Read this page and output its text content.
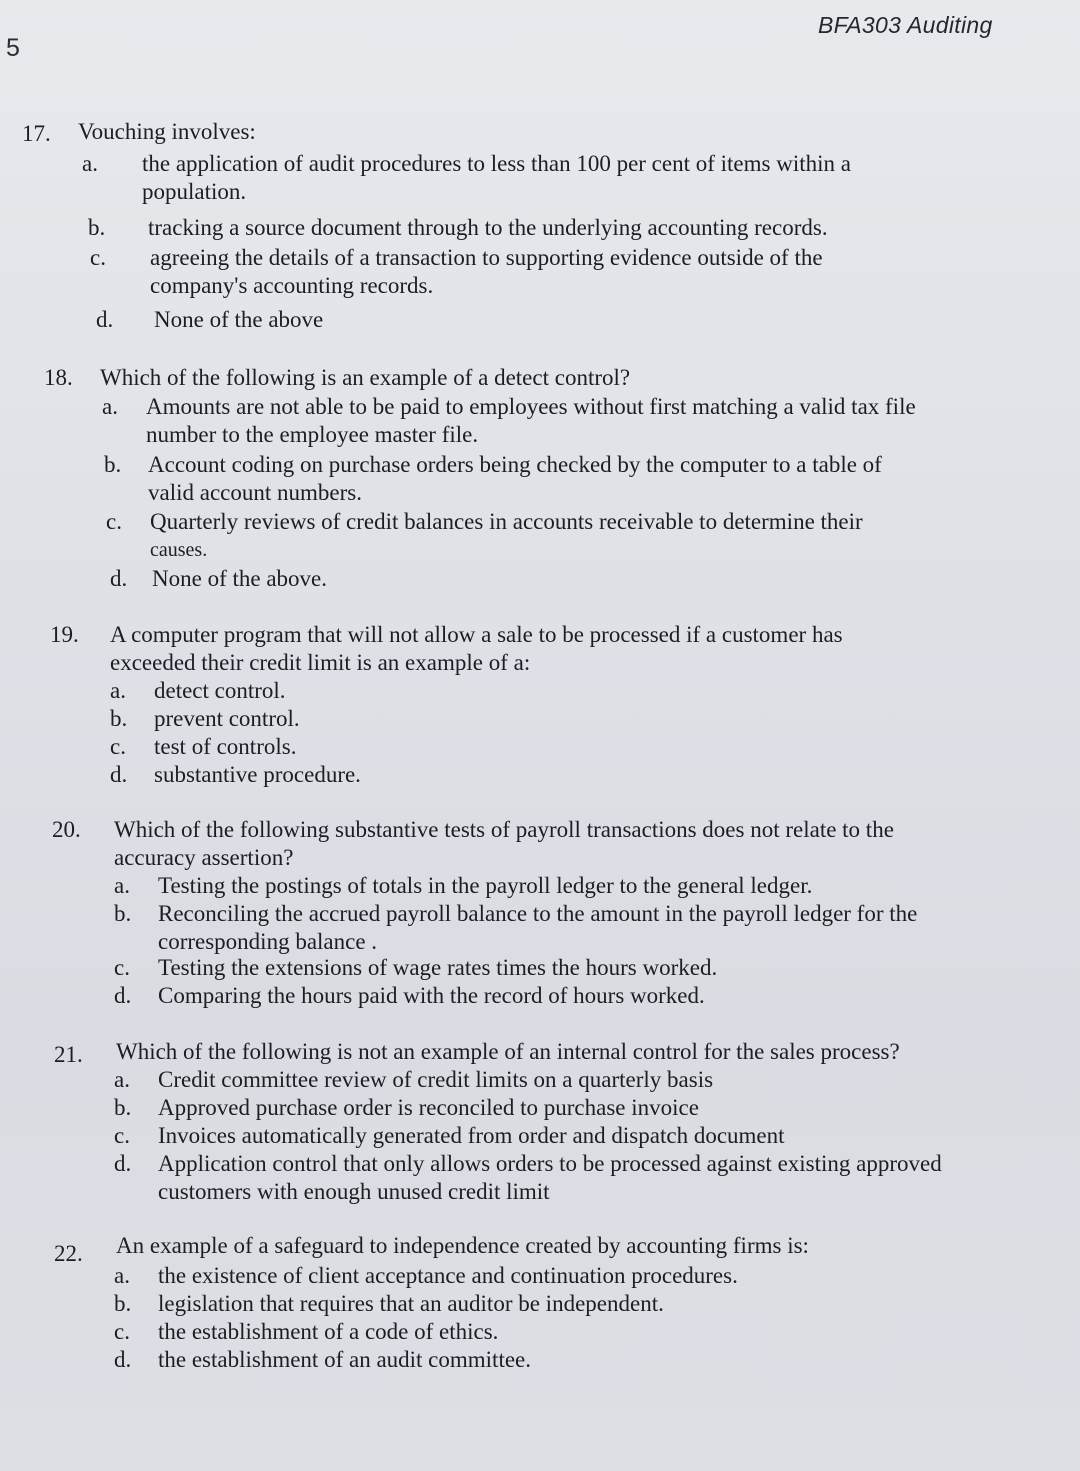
5
BFA303 Auditing
17. Vouching involves:
a. the application of audit procedures to less than 100 per cent of items within a
population.
b. tracking a source document through to the underlying accounting records.
c. agreeing the details of a transaction to supporting evidence outside of the
company's accounting records.
d. None of the above
18. Which of the following is an example of a detect control?
a. Amounts are not able to be paid to employees without first matching a valid tax file
number to the employee master file.
b. Account coding on purchase orders being checked by the computer to a table of
valid account numbers.
c. Quarterly reviews of credit balances in accounts receivable to determine their
causes.
d. None of the above.
19. A computer program that will not allow a sale to be processed if a customer has
exceeded their credit limit is an example of a:
a. detect control.
b. prevent control.
c. test of controls.
d. substantive procedure.
20. Which of the following substantive tests of payroll transactions does not relate to the
accuracy assertion?
a. Testing the postings of totals in the payroll ledger to the general ledger.
b. Reconciling the accrued payroll balance to the amount in the payroll ledger for the
corresponding balance .
c. Testing the extensions of wage rates times the hours worked.
d. Comparing the hours paid with the record of hours worked.
21. Which of the following is not an example of an internal control for the sales process?
a. Credit committee review of credit limits on a quarterly basis
b. Approved purchase order is reconciled to purchase invoice
c. Invoices automatically generated from order and dispatch document
d. Application control that only allows orders to be processed against existing approved
customers with enough unused credit limit
22. An example of a safeguard to independence created by accounting firms is:
a. the existence of client acceptance and continuation procedures.
b. legislation that requires that an auditor be independent.
c. the establishment of a code of ethics.
d. the establishment of an audit committee.
